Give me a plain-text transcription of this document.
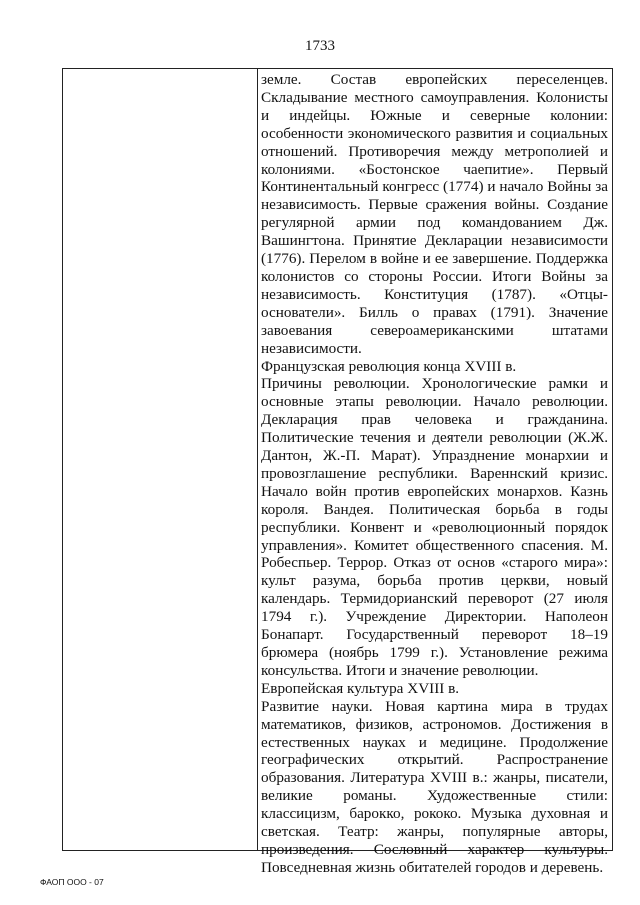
1733

земле. Состав европейских переселенцев. Складывание местного самоуправления. Колонисты и индейцы. Южные и северные колонии: особенности экономического развития и социальных отношений. Противоречия между метрополией и колониями. «Бостонское чаепитие». Первый Континентальный конгресс (1774) и начало Войны за независимость. Первые сражения войны. Создание регулярной армии под командованием Дж. Вашингтона. Принятие Декларации независимости (1776). Перелом в войне и ее завершение. Поддержка колонистов со стороны России. Итоги Войны за независимость. Конституция (1787). «Отцы-основатели». Билль о правах (1791). Значение завоевания североамериканскими штатами независимости.

Французская революция конца XVIII в.

Причины революции. Хронологические рамки и основные этапы революции. Начало революции. Декларация прав человека и гражданина. Политические течения и деятели революции (Ж.Ж. Дантон, Ж.-П. Марат). Упразднение монархии и провозглашение республики. Вареннский кризис. Начало войн против европейских монархов. Казнь короля. Вандея. Политическая борьба в годы республики. Конвент и «революционный порядок управления». Комитет общественного спасения. М. Робеспьер. Террор. Отказ от основ «старого мира»: культ разума, борьба против церкви, новый календарь. Термидорианский переворот (27 июля 1794 г.). Учреждение Директории. Наполеон Бонапарт. Государственный переворот 18–19 брюмера (ноябрь 1799 г.). Установление режима консульства. Итоги и значение революции.

Европейская культура XVIII в.

Развитие науки. Новая картина мира в трудах математиков, физиков, астрономов. Достижения в естественных науках и медицине. Продолжение географических открытий. Распространение образования. Литература XVIII в.: жанры, писатели, великие романы. Художественные стили: классицизм, барокко, рококо. Музыка духовная и светская. Театр: жанры, популярные авторы, произведения. Сословный характер культуры. Повседневная жизнь обитателей городов и деревень.

ФАОП ООО - 07
